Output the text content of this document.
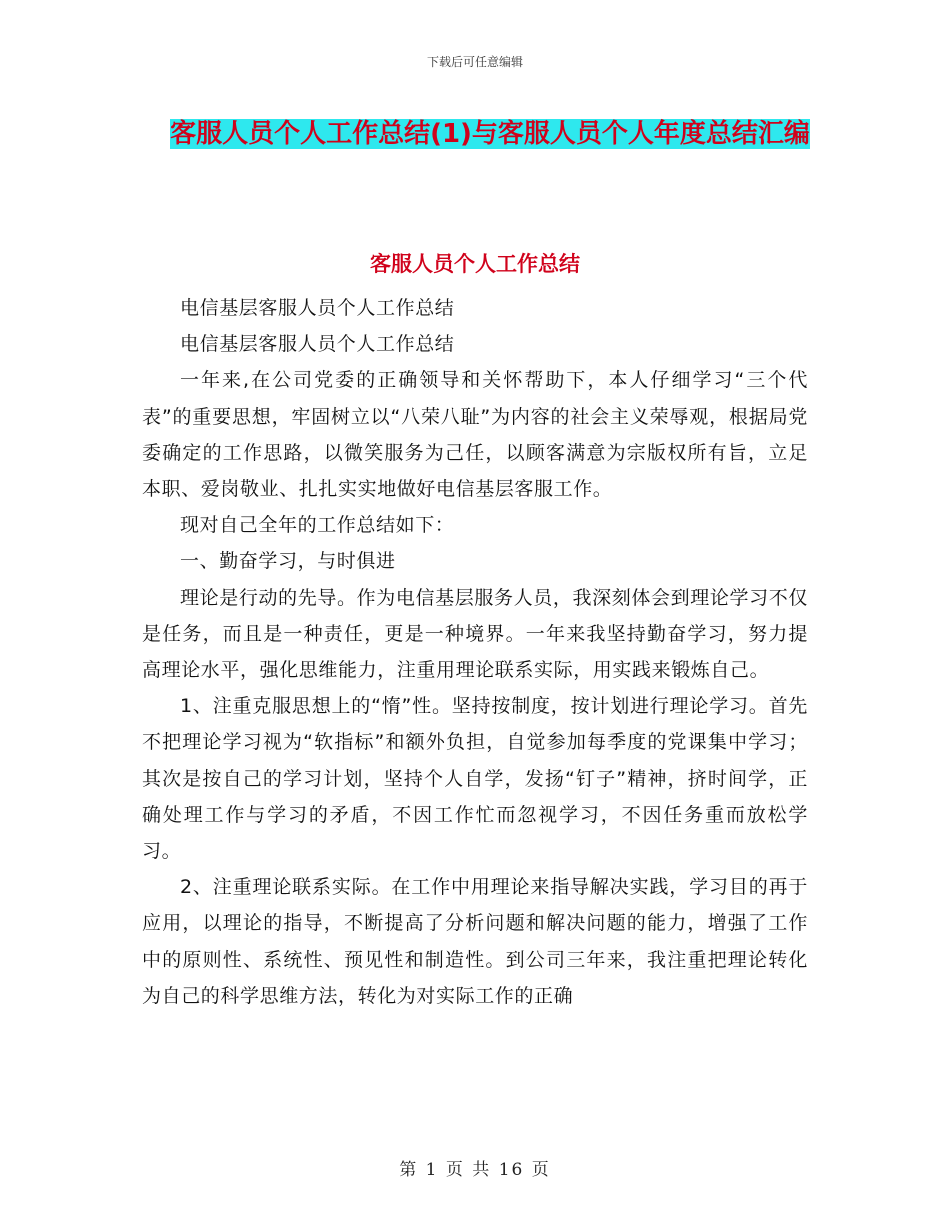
下载后可任意编辑
客服人员个人工作总结(1)与客服人员个人年度总结汇编
客服人员个人工作总结

电信基层客服人员个人工作总结

电信基层客服人员个人工作总结

一年来,在公司党委的正确领导和关怀帮助下，本人仔细学习“三个代表”的重要思想，牢固树立以“八荣八耻”为内容的社会主义荣辱观，根据局党委确定的工作思路，以微笑服务为己任，以顾客满意为宗版权所有旨，立足本职、爱岗敬业、扎扎实实地做好电信基层客服工作。

现对自己全年的工作总结如下：

一、勤奋学习，与时俱进

理论是行动的先导。作为电信基层服务人员，我深刻体会到理论学习不仅是任务，而且是一种责任，更是一种境界。一年来我坚持勤奋学习，努力提高理论水平，强化思维能力，注重用理论联系实际，用实践来锻炼自己。

1、注重克服思想上的“惰”性。坚持按制度，按计划进行理论学习。首先不把理论学习视为“软指标”和额外负担，自觉参加每季度的党课集中学习；其次是按自己的学习计划，坚持个人自学，发扬“钉子”精神，挤时间学，正确处理工作与学习的矛盾，不因工作忙而忽视学习，不因任务重而放松学习。

2、注重理论联系实际。在工作中用理论来指导解决实践，学习目的再于应用，以理论的指导，不断提高了分析问题和解决问题的能力，增强了工作中的原则性、系统性、预见性和制造性。到公司三年来，我注重把理论转化为自己的科学思维方法，转化为对实际工作的正确

第 1 页 共 16 页
